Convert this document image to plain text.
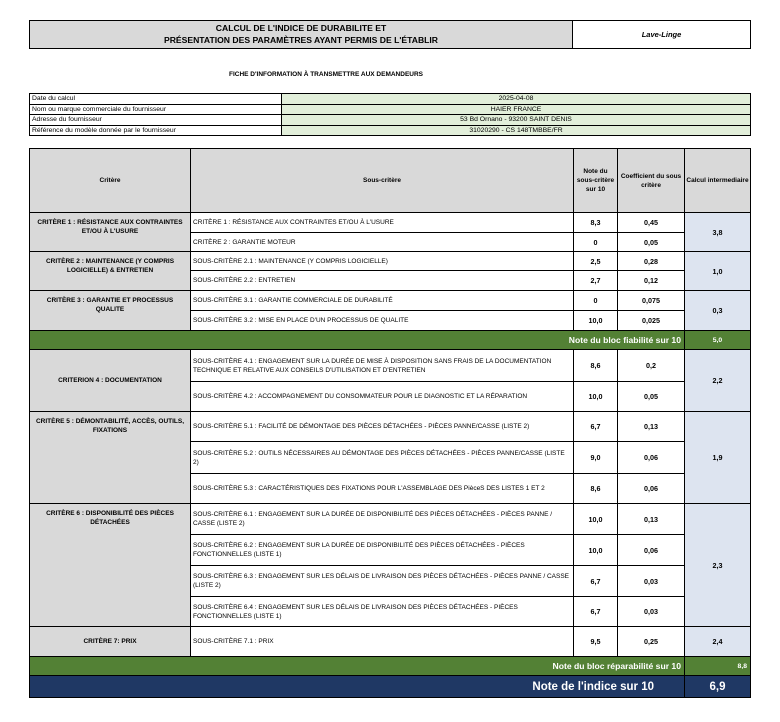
CALCUL DE L'INDICE DE DURABILITE ET
PRÉSENTATION DES PARAMÈTRES AYANT PERMIS DE L'ÉTABLIR	Lave-Linge
FICHE D'INFORMATION À TRANSMETTRE AUX DEMANDEURS
Date du calcul	2025-04-08
Nom ou marque commerciale du fournisseur	HAIER FRANCE
Adresse du fournisseur	53 Bd Ornano - 93200 SAINT DENIS
Référence du modèle donnée par le fournisseur	31020290 - CS 148TMBBE/FR
Critère	Sous-critère	Note du sous-critère sur 10	Coefficient du sous critère	Calcul intermediaire
CRITÈRE 1 : RÉSISTANCE AUX CONTRAINTES ET/OU À L'USURE	CRITÈRE 1 : RÉSISTANCE AUX CONTRAINTES ET/OU À L'USURE	8,3	0,45	3,8
	CRITÈRE 2 : GARANTIE MOTEUR	0	0,05	
CRITÈRE 2 : MAINTENANCE (Y COMPRIS LOGICIELLE) & ENTRETIEN	SOUS-CRITÈRE 2.1 : MAINTENANCE (Y COMPRIS LOGICIELLE)	2,5	0,28	1,0
	SOUS-CRITÈRE 2.2 : ENTRETIEN	2,7	0,12	
CRITÈRE 3 : GARANTIE ET PROCESSUS QUALITE	SOUS-CRITÈRE 3.1 : GARANTIE COMMERCIALE DE DURABILITÉ	0	0,075	0,3
	SOUS-CRITÈRE 3.2 : MISE EN PLACE D'UN PROCESSUS DE QUALITE	10,0	0,025	
Note du bloc fiabilité sur 10				5,0
CRITERION 4 : DOCUMENTATION	SOUS-CRITÈRE 4.1 : ENGAGEMENT SUR LA DURÉE DE MISE À DISPOSITION SANS FRAIS DE LA DOCUMENTATION TECHNIQUE ET RELATIVE AUX CONSEILS D'UTILISATION ET D'ENTRETIEN	8,6	0,2	2,2
	SOUS-CRITÈRE 4.2 : ACCOMPAGNEMENT DU CONSOMMATEUR POUR LE DIAGNOSTIC ET LA RÉPARATION	10,0	0,05	
CRITÈRE 5 : DÉMONTABILITÉ, ACCÈS, OUTILS, FIXATIONS	SOUS-CRITÈRE 5.1 : FACILITÉ DE DÉMONTAGE DES PIÈCES DÉTACHÉES - PIÈCES PANNE/CASSE (LISTE 2)	6,7	0,13	1,9
	SOUS-CRITÈRE 5.2 : OUTILS NÉCESSAIRES AU DÉMONTAGE DES PIÈCES DÉTACHÉES - PIÈCES PANNE/CASSE (LISTE 2)	9,0	0,06	
	SOUS-CRITÈRE 5.3 : CARACTÉRISTIQUES DES FIXATIONS POUR L'ASSEMBLAGE DES PièceS DES LISTES 1 ET 2	8,6	0,06	
CRITÈRE 6 : DISPONIBILITÉ DES PIÈCES DÉTACHÉES	SOUS-CRITÈRE 6.1 : ENGAGEMENT SUR LA DURÉE DE DISPONIBILITÉ DES PIÈCES DÉTACHÉES - PIÈCES PANNE / CASSE (LISTE 2)	10,0	0,13	2,3
	SOUS-CRITÈRE 6.2 : ENGAGEMENT SUR LA DURÉE DE DISPONIBILITÉ DES PIÈCES DÉTACHÉES - PIÈCES FONCTIONNELLES (LISTE 1)	10,0	0,06	
	SOUS-CRITÈRE 6.3 : ENGAGEMENT SUR LES DÉLAIS DE LIVRAISON DES PIÈCES DÉTACHÉES - PIÈCES PANNE / CASSE (LISTE 2)	6,7	0,03	
	SOUS-CRITÈRE 6.4 : ENGAGEMENT SUR LES DÉLAIS DE LIVRAISON DES PIÈCES DÉTACHÉES - PIÈCES FONCTIONNELLES (LISTE 1)	6,7	0,03	
CRITÈRE 7: PRIX	SOUS-CRITÈRE 7.1 : PRIX	9,5	0,25	2,4
Note du bloc réparabilité sur 10				8,8
Note de l'indice sur 10				6,9
